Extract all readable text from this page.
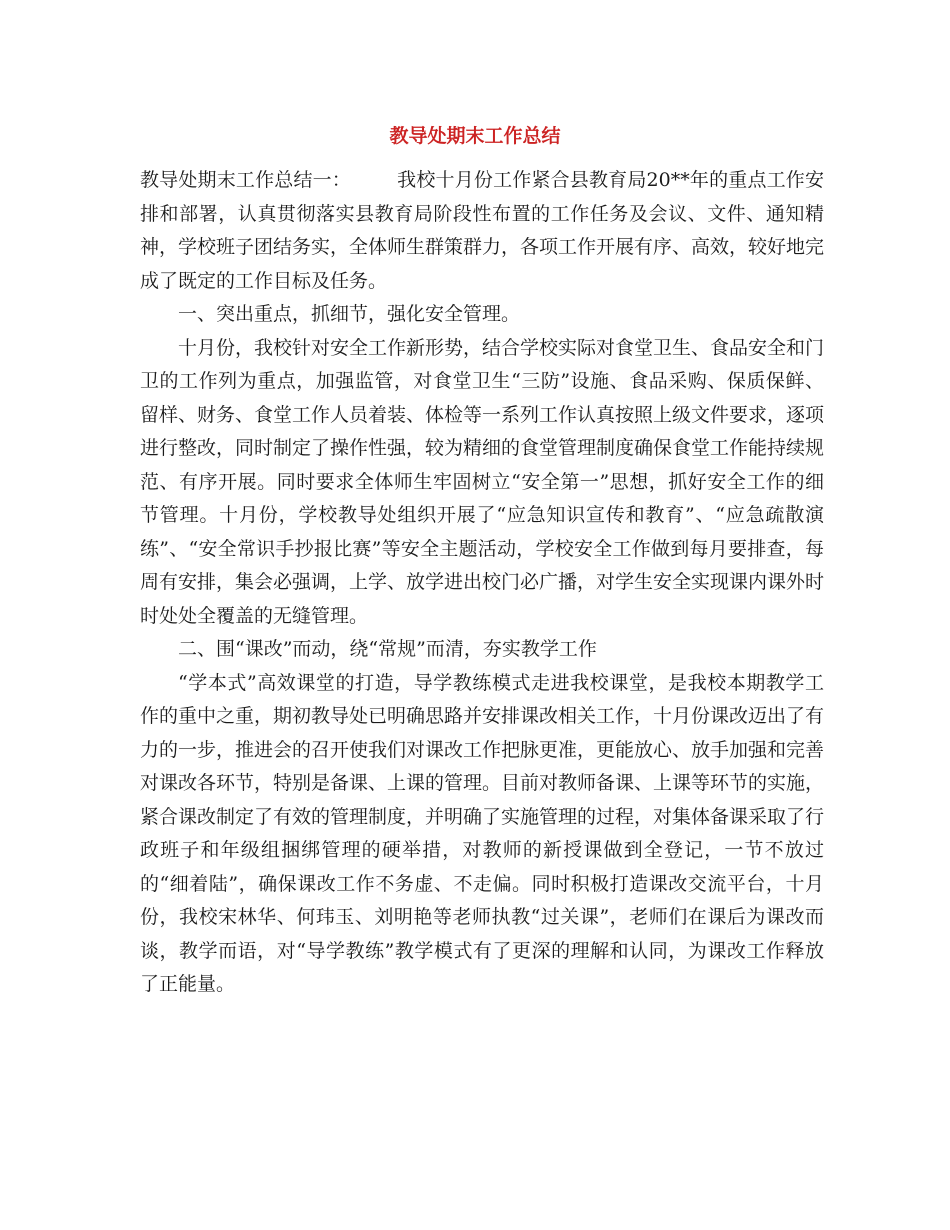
教导处期末工作总结

教导处期末工作总结一： 我校十月份工作紧合县教育局20**年的重点工作安排和部署，认真贯彻落实县教育局阶段性布置的工作任务及会议、文件、通知精神，学校班子团结务实，全体师生群策群力，各项工作开展有序、高效，较好地完成了既定的工作目标及任务。

一、突出重点，抓细节，强化安全管理。

十月份，我校针对安全工作新形势，结合学校实际对食堂卫生、食品安全和门卫的工作列为重点，加强监管，对食堂卫生“三防”设施、食品采购、保质保鲜、留样、财务、食堂工作人员着装、体检等一系列工作认真按照上级文件要求，逐项进行整改，同时制定了操作性强，较为精细的食堂管理制度确保食堂工作能持续规范、有序开展。同时要求全体师生牢固树立“安全第一”思想，抓好安全工作的细节管理。十月份，学校教导处组织开展了“应急知识宣传和教育”、“应急疏散演练”、“安全常识手抄报比赛”等安全主题活动，学校安全工作做到每月要排查，每周有安排，集会必强调，上学、放学进出校门必广播，对学生安全实现课内课外时时处处全覆盖的无缝管理。

二、围“课改”而动，绕“常规”而清，夯实教学工作

“学本式”高效课堂的打造，导学教练模式走进我校课堂，是我校本期教学工作的重中之重，期初教导处已明确思路并安排课改相关工作，十月份课改迈出了有力的一步，推进会的召开使我们对课改工作把脉更准，更能放心、放手加强和完善对课改各环节，特别是备课、上课的管理。目前对教师备课、上课等环节的实施，紧合课改制定了有效的管理制度，并明确了实施管理的过程，对集体备课采取了行政班子和年级组捆绑管理的硬举措，对教师的新授课做到全登记，一节不放过的“细着陆”，确保课改工作不务虚、不走偏。同时积极打造课改交流平台，十月份，我校宋林华、何玮玉、刘明艳等老师执教“过关课”，老师们在课后为课改而谈，教学而语，对“导学教练”教学模式有了更深的理解和认同，为课改工作释放了正能量。
